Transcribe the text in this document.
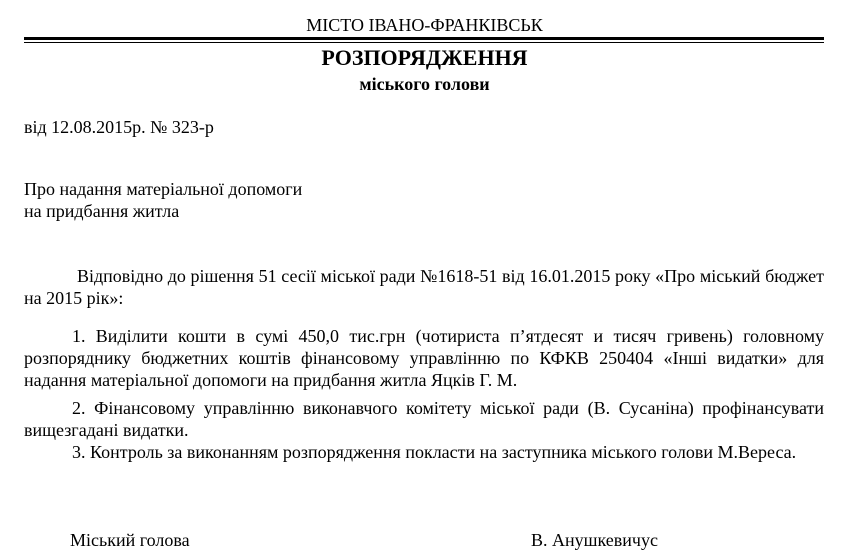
МІСТО ІВАНО-ФРАНКІВСЬК
РОЗПОРЯДЖЕННЯ
міського голови
від 12.08.2015р. № 323-р
Про надання матеріальної допомоги
на придбання житла
Відповідно до рішення 51 сесії міської ради №1618-51 від 16.01.2015 року «Про міський бюджет на 2015 рік»:
1. Виділити кошти в сумі 450,0 тис.грн (чотириста п’ятдесят и тисяч гривень) головному розпоряднику бюджетних коштів фінансовому управлінню по КФКВ 250404 «Інші видатки» для надання матеріальної допомоги на придбання житла Яцків Г. М.
2. Фінансовому управлінню виконавчого комітету міської ради (В. Сусаніна) профінансувати вищезгадані видатки.
3. Контроль за виконанням розпорядження покласти на заступника міського голови М.Вереса.
Міський голова	В. Анушкевичус
